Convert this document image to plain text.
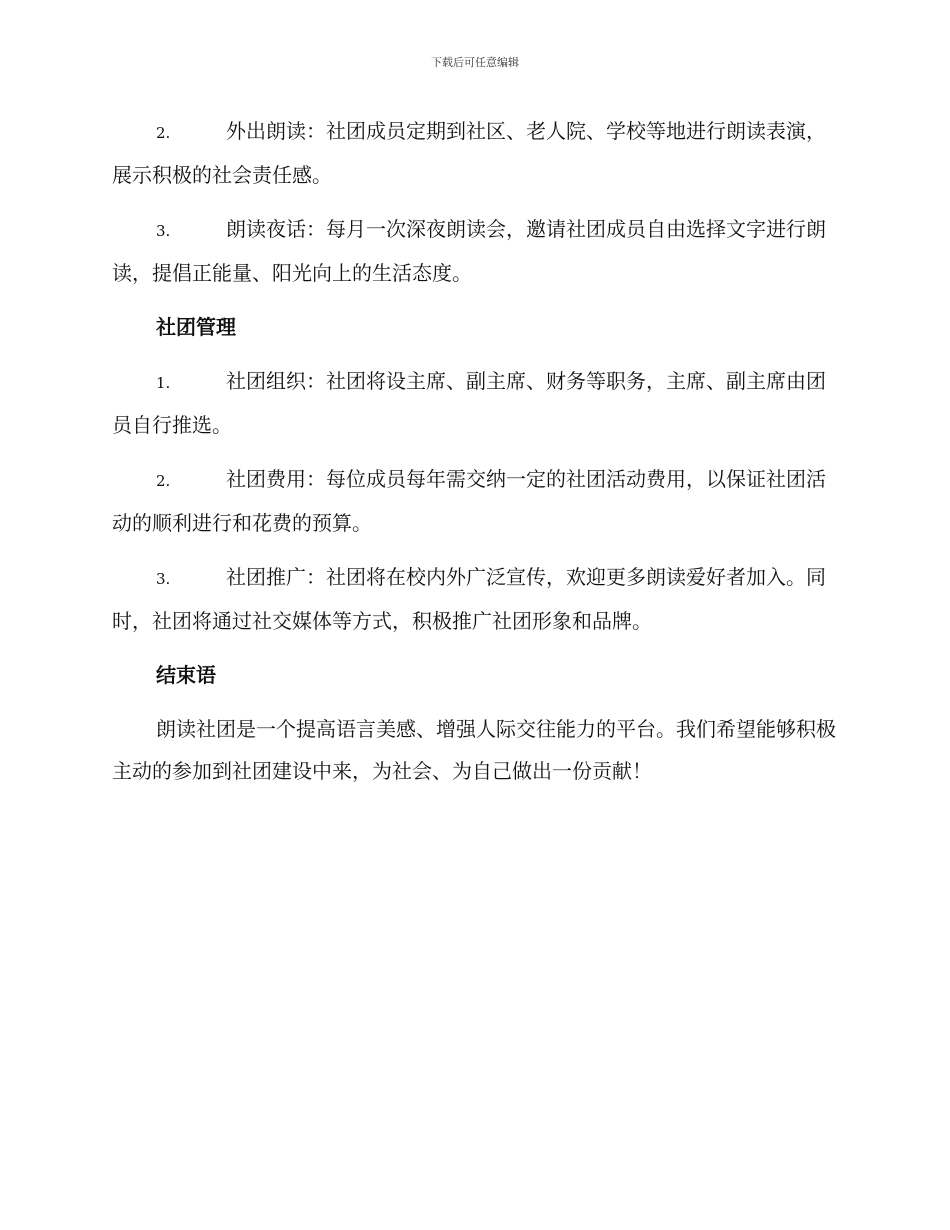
下载后可任意编辑

2.	外出朗读：社团成员定期到社区、老人院、学校等地进行朗读表演，展示积极的社会责任感。

3.	朗读夜话：每月一次深夜朗读会，邀请社团成员自由选择文字进行朗读，提倡正能量、阳光向上的生活态度。

社团管理

1.	社团组织：社团将设主席、副主席、财务等职务，主席、副主席由团员自行推选。

2.	社团费用：每位成员每年需交纳一定的社团活动费用，以保证社团活动的顺利进行和花费的预算。

3.	社团推广：社团将在校内外广泛宣传，欢迎更多朗读爱好者加入。同时，社团将通过社交媒体等方式，积极推广社团形象和品牌。

结束语

朗读社团是一个提高语言美感、增强人际交往能力的平台。我们希望能够积极主动的参加到社团建设中来，为社会、为自己做出一份贡献！
